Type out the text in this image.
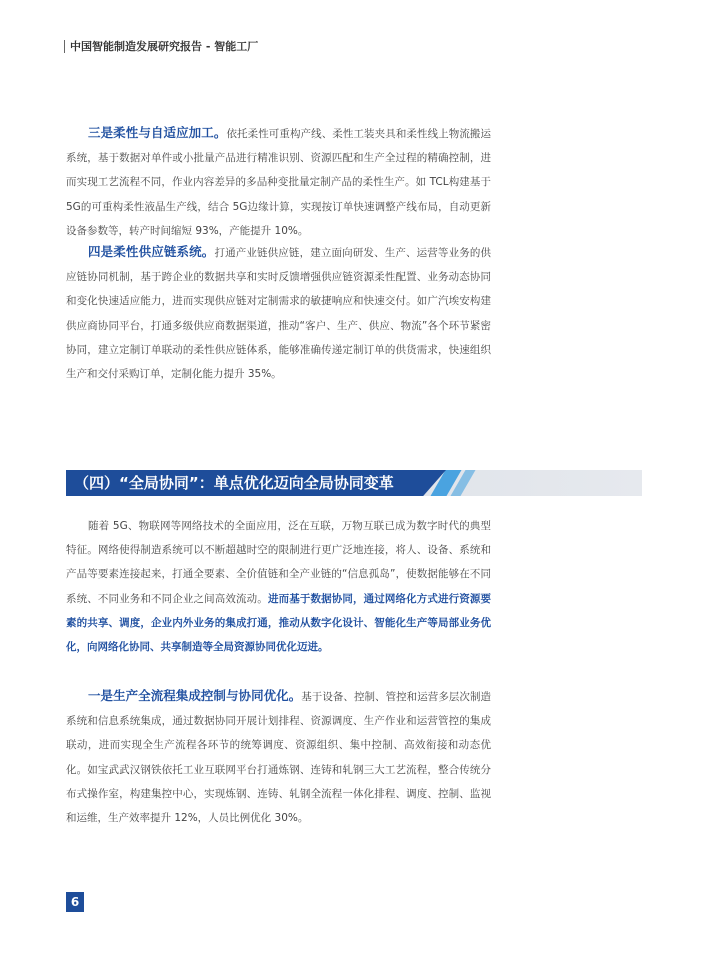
中国智能制造发展研究报告 - 智能工厂

三是柔性与自适应加工。依托柔性可重构产线、柔性工装夹具和柔性线上物流搬运系统，基于数据对单件或小批量产品进行精准识别、资源匹配和生产全过程的精确控制，进而实现工艺流程不同，作业内容差异的多品种变批量定制产品的柔性生产。如 TCL构建基于 5G的可重构柔性液晶生产线，结合 5G边缘计算，实现按订单快速调整产线布局，自动更新设备参数等，转产时间缩短 93%，产能提升 10%。

四是柔性供应链系统。打通产业链供应链，建立面向研发、生产、运营等业务的供应链协同机制，基于跨企业的数据共享和实时反馈增强供应链资源柔性配置、业务动态协同和变化快速适应能力，进而实现供应链对定制需求的敏捷响应和快速交付。如广汽埃安构建供应商协同平台，打通多级供应商数据渠道，推动“客户、生产、供应、物流”各个环节紧密协同，建立定制订单联动的柔性供应链体系，能够准确传递定制订单的供货需求，快速组织生产和交付采购订单，定制化能力提升 35%。

（四）“全局协同”：单点优化迈向全局协同变革

随着 5G、物联网等网络技术的全面应用，泛在互联，万物互联已成为数字时代的典型特征。网络使得制造系统可以不断超越时空的限制进行更广泛地连接，将人、设备、系统和产品等要素连接起来，打通全要素、全价值链和全产业链的“信息孤岛”，使数据能够在不同系统、不同业务和不同企业之间高效流动。进而基于数据协同，通过网络化方式进行资源要素的共享、调度，企业内外业务的集成打通，推动从数字化设计、智能化生产等局部业务优化，向网络化协同、共享制造等全局资源协同优化迈进。

一是生产全流程集成控制与协同优化。基于设备、控制、管控和运营多层次制造系统和信息系统集成，通过数据协同开展计划排程、资源调度、生产作业和运营管控的集成联动，进而实现全生产流程各环节的统筹调度、资源组织、集中控制、高效衔接和动态优化。如宝武武汉钢铁依托工业互联网平台打通炼钢、连铸和轧钢三大工艺流程，整合传统分布式操作室，构建集控中心，实现炼钢、连铸、轧钢全流程一体化排程、调度、控制、监视和运维，生产效率提升 12%，人员比例优化 30%。

6
